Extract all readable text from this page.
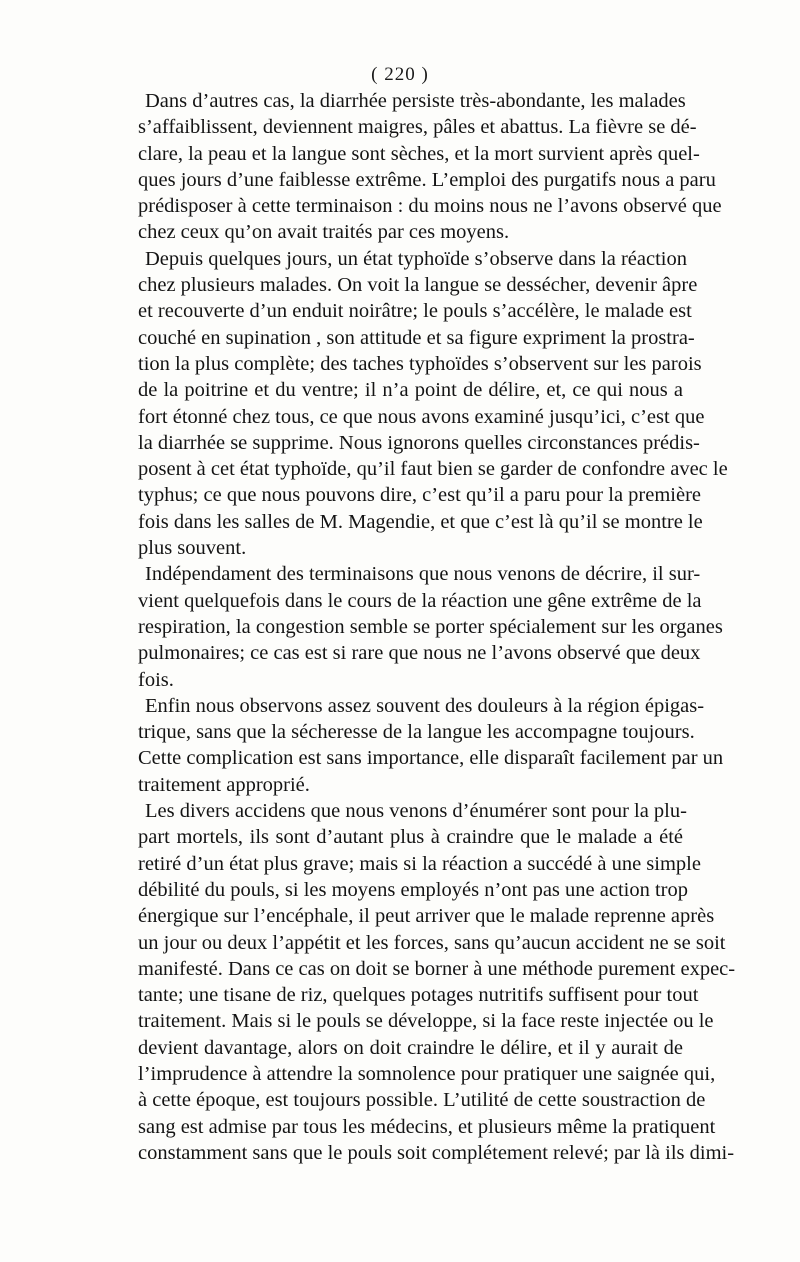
( 220 )
Dans d’autres cas, la diarrhée persiste très-abondante, les malades
s’affaiblissent, deviennent maigres, pâles et abattus. La fièvre se dé-
clare, la peau et la langue sont sèches, et la mort survient après quel-
ques jours d’une faiblesse extrême. L’emploi des purgatifs nous a paru
prédisposer à cette terminaison : du moins nous ne l’avons observé que
chez ceux qu’on avait traités par ces moyens.
Depuis quelques jours, un état typhoïde s’observe dans la réaction
chez plusieurs malades. On voit la langue se dessécher, devenir âpre
et recouverte d’un enduit noirâtre; le pouls s’accélère, le malade est
couché en supination , son attitude et sa figure expriment la prostra-
tion la plus complète; des taches typhoïdes s’observent sur les parois
de la poitrine et du ventre; il n’a point de délire, et, ce qui nous a
fort étonné chez tous, ce que nous avons examiné jusqu’ici, c’est que
la diarrhée se supprime. Nous ignorons quelles circonstances prédis-
posent à cet état typhoïde, qu’il faut bien se garder de confondre avec le
typhus; ce que nous pouvons dire, c’est qu’il a paru pour la première
fois dans les salles de M. Magendie, et que c’est là qu’il se montre le
plus souvent.
Indépendament des terminaisons que nous venons de décrire, il sur-
vient quelquefois dans le cours de la réaction une gêne extrême de la
respiration, la congestion semble se porter spécialement sur les organes
pulmonaires; ce cas est si rare que nous ne l’avons observé que deux
fois.
Enfin nous observons assez souvent des douleurs à la région épigas-
trique, sans que la sécheresse de la langue les accompagne toujours.
Cette complication est sans importance, elle disparaît facilement par un
traitement approprié.
Les divers accidens que nous venons d’énumérer sont pour la plu-
part mortels, ils sont d’autant plus à craindre que le malade a été
retiré d’un état plus grave; mais si la réaction a succédé à une simple
débilité du pouls, si les moyens employés n’ont pas une action trop
énergique sur l’encéphale, il peut arriver que le malade reprenne après
un jour ou deux l’appétit et les forces, sans qu’aucun accident ne se soit
manifesté. Dans ce cas on doit se borner à une méthode purement expec-
tante; une tisane de riz, quelques potages nutritifs suffisent pour tout
traitement. Mais si le pouls se développe, si la face reste injectée ou le
devient davantage, alors on doit craindre le délire, et il y aurait de
l’imprudence à attendre la somnolence pour pratiquer une saignée qui,
à cette époque, est toujours possible. L’utilité de cette soustraction de
sang est admise par tous les médecins, et plusieurs même la pratiquent
constamment sans que le pouls soit complétement relevé; par là ils dimi-
